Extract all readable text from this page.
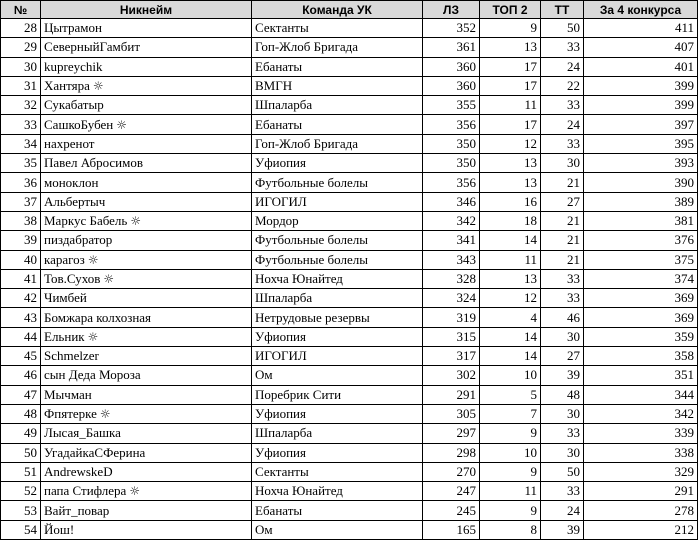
№	Никнейм	Команда УК	ЛЗ	ТОП 2	ТТ	За 4 конкурса
28	Цытрамон	Сектанты	352	9	50	411
29	СеверныйГамбит	Гоп-Жлоб Бригада	361	13	33	407
30	kupreychik	Ебанаты	360	17	24	401
31	Хантяра ☼	ВМГН	360	17	22	399
32	Сукабатыр	Шпаларба	355	11	33	399
33	СашкоБубен ☼	Ебанаты	356	17	24	397
34	нахренот	Гоп-Жлоб Бригада	350	12	33	395
35	Павел Абросимов	Уфиопия	350	13	30	393
36	моноклон	Футбольные болелы	356	13	21	390
37	Альбертыч	ИГОГИЛ	346	16	27	389
38	Маркус Бабель ☼	Мордор	342	18	21	381
39	пиздабратор	Футбольные болелы	341	14	21	376
40	карагоз ☼	Футбольные болелы	343	11	21	375
41	Тов.Сухов ☼	Нохча Юнайтед	328	13	33	374
42	Чимбей	Шпаларба	324	12	33	369
43	Бомжара колхозная	Нетрудовые резервы	319	4	46	369
44	Ельник ☼	Уфиопия	315	14	30	359
45	Schmelzer	ИГОГИЛ	317	14	27	358
46	сын Деда Мороза	Ом	302	10	39	351
47	Мычман	Поребрик Сити	291	5	48	344
48	Фпятерке ☼	Уфиопия	305	7	30	342
49	Лысая_Башка	Шпаларба	297	9	33	339
50	УгадайкаСФерина	Уфиопия	298	10	30	338
51	AndrewskeD	Сектанты	270	9	50	329
52	папа Стифлера ☼	Нохча Юнайтед	247	11	33	291
53	Вайт_повар	Ебанаты	245	9	24	278
54	Йош!	Ом	165	8	39	212
